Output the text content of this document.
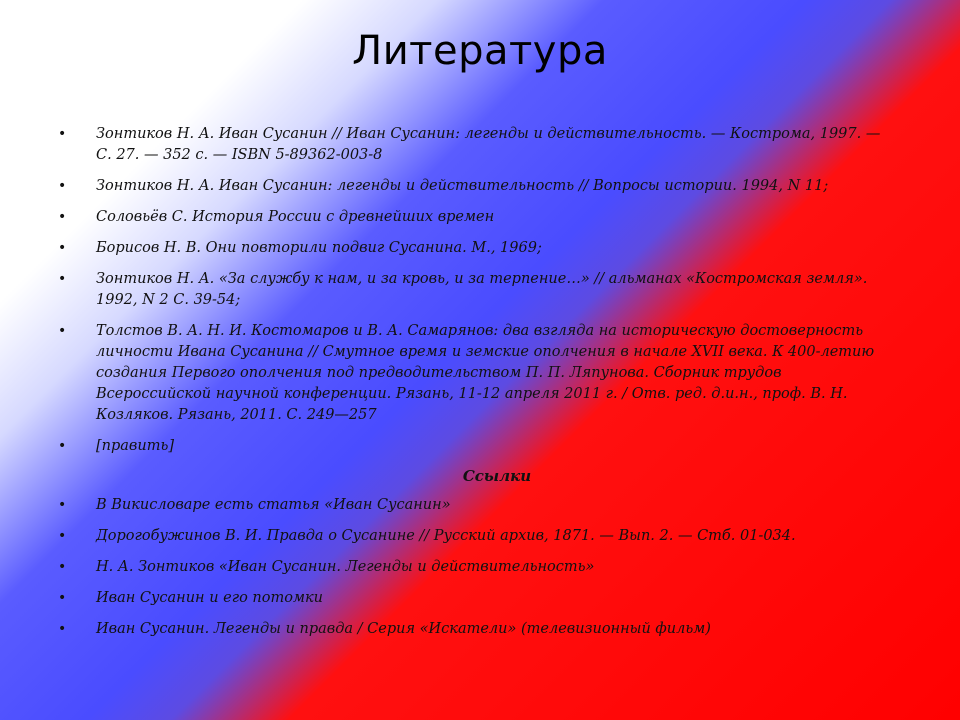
Литература
• Зонтиков Н. А. Иван Сусанин // Иван Сусанин: легенды и действительность. — Кострома, 1997. — С. 27. — 352 с. — ISBN 5-89362-003-8
• Зонтиков Н. А. Иван Сусанин: легенды и действительность // Вопросы истории. 1994, N 11;
• Соловьёв С. История России с древнейших времен
• Борисов Н. В. Они повторили подвиг Сусанина. М., 1969;
• Зонтиков Н. А. «За службу к нам, и за кровь, и за терпение…» // альманах «Костромская земля». 1992, N 2 С. 39-54;
• Толстов В. А. Н. И. Костомаров и В. А. Самарянов: два взгляда на историческую достоверность личности Ивана Сусанина // Смутное время и земские ополчения в начале XVII века. К 400-летию создания Первого ополчения под предводительством П. П. Ляпунова. Сборник трудов Всероссийской научной конференции. Рязань, 11-12 апреля 2011 г. / Отв. ред. д.и.н., проф. В. Н. Козляков. Рязань, 2011. С. 249—257
• [править]
Ссылки
• В Викисловаре есть статья «Иван Сусанин»
• Дорогобужинов В. И. Правда о Сусанине // Русский архив, 1871. — Вып. 2. — Стб. 01-034.
• Н. А. Зонтиков «Иван Сусанин. Легенды и действительность»
• Иван Сусанин и его потомки
• Иван Сусанин. Легенды и правда / Серия «Искатели» (телевизионный фильм)
